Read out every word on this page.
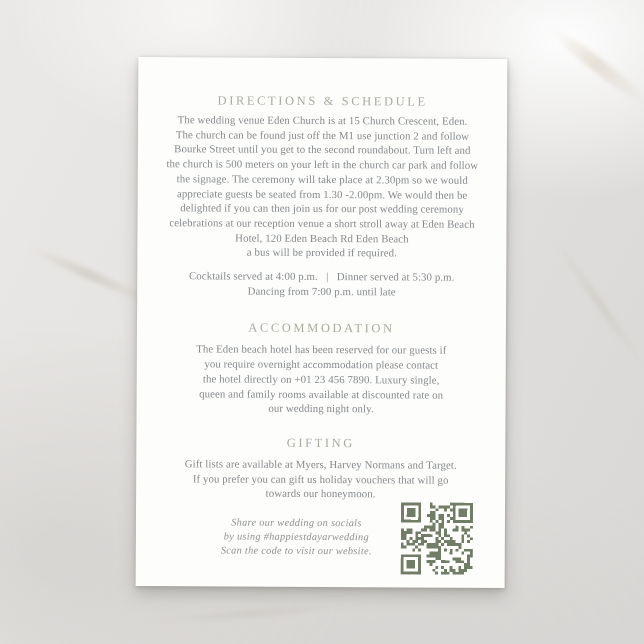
DIRECTIONS & SCHEDULE
The wedding venue Eden Church is at 15 Church Crescent, Eden.
The church can be found just off the M1 use junction 2 and follow
Bourke Street until you get to the second roundabout. Turn left and
the church is 500 meters on your left in the church car park and follow
the signage. The ceremony will take place at 2.30pm so we would
appreciate guests be seated from 1.30 -2.00pm. We would then be
delighted if you can then join us for our post wedding ceremony
celebrations at our reception venue a short stroll away at Eden Beach
Hotel, 120 Eden Beach Rd Eden Beach
a bus will be provided if required.
Cocktails served at 4:00 p.m.  |  Dinner served at 5:30 p.m.
Dancing from 7:00 p.m. until late
ACCOMMODATION
The Eden beach hotel has been reserved for our guests if
you require overnight accommodation please contact
the hotel directly on +01 23 456 7890. Luxury single,
queen and family rooms available at discounted rate on
our wedding night only.
GIFTING
Gift lists are available at Myers, Harvey Normans and Target.
If you prefer you can gift us holiday vouchers that will go
towards our honeymoon.
Share our wedding on socials
by using #happiestdayarwedding
Scan the code to visit our website.
